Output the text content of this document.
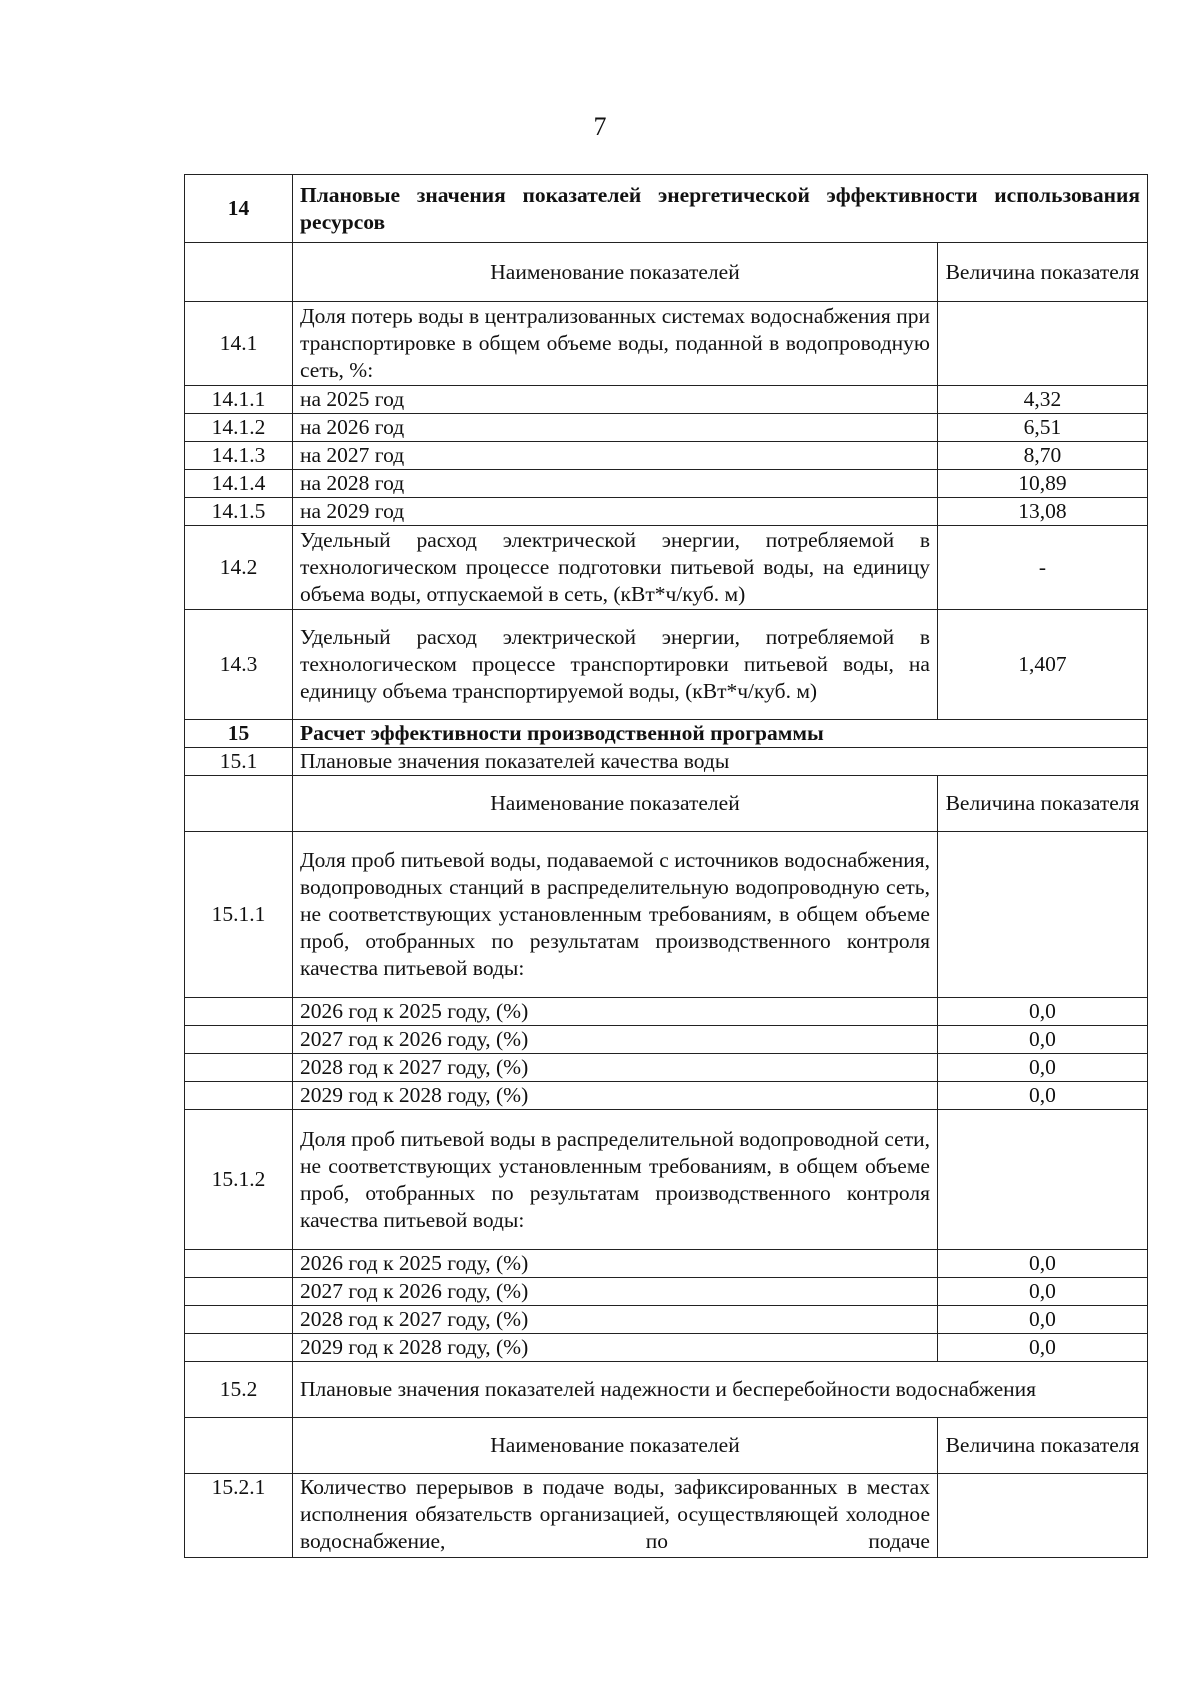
7
14	Плановые значения показателей энергетической эффективности использования ресурсов	
	Наименование показателей	Величина показателя
14.1	Доля потерь воды в централизованных системах водоснабжения при транспортировке в общем объеме воды, поданной в водопроводную сеть, %:	
14.1.1	на 2025 год	4,32
14.1.2	на 2026 год	6,51
14.1.3	на 2027 год	8,70
14.1.4	на 2028 год	10,89
14.1.5	на 2029 год	13,08
14.2	Удельный расход электрической энергии, потребляемой в технологическом процессе подготовки питьевой воды, на единицу объема воды, отпускаемой в сеть, (кВт*ч/куб. м)	-
14.3	Удельный расход электрической энергии, потребляемой в технологическом процессе транспортировки питьевой воды, на единицу объема транспортируемой воды, (кВт*ч/куб. м)	1,407
15	Расчет эффективности производственной программы	
15.1	Плановые значения показателей качества воды	
	Наименование показателей	Величина показателя
15.1.1	Доля проб питьевой воды, подаваемой с источников водоснабжения, водопроводных станций в распределительную водопроводную сеть, не соответствующих установленным требованиям, в общем объеме проб, отобранных по результатам производственного контроля качества питьевой воды:	
	2026 год к 2025 году, (%)	0,0
	2027 год к 2026 году, (%)	0,0
	2028 год к 2027 году, (%)	0,0
	2029 год к 2028 году, (%)	0,0
15.1.2	Доля проб питьевой воды в распределительной водопроводной сети, не соответствующих установленным требованиям, в общем объеме проб, отобранных по результатам производственного контроля качества питьевой воды:	
	2026 год к 2025 году, (%)	0,0
	2027 год к 2026 году, (%)	0,0
	2028 год к 2027 году, (%)	0,0
	2029 год к 2028 году, (%)	0,0
15.2	Плановые значения показателей надежности и бесперебойности водоснабжения	
	Наименование показателей	Величина показателя
15.2.1	Количество перерывов в подаче воды, зафиксированных в местах исполнения обязательств организацией, осуществляющей холодное водоснабжение, по подаче	
